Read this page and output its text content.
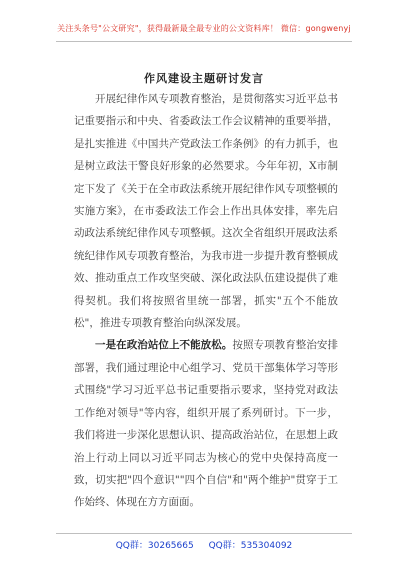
关注头条号"公文研究"，获得最新最全最专业的公文资料库！ 微信：gongwenyj
作风建设主题研讨发言

开展纪律作风专项教育整治，是贯彻落实习近平总书记重要指示和中央、省委政法工作会议精神的重要举措，是扎实推进《中国共产党政法工作条例》的有力抓手，也是树立政法干警良好形象的必然要求。今年年初，X市制定下发了《关于在全市政法系统开展纪律作风专项整顿的实施方案》，在市委政法工作会上作出具体安排，率先启动政法系统纪律作风专项整顿。这次全省组织开展政法系统纪律作风专项教育整治，为我市进一步提升教育整顿成效、推动重点工作攻坚突破、深化政法队伍建设提供了难得契机。我们将按照省里统一部署，抓实"五个不能放松"，推进专项教育整治向纵深发展。

一是在政治站位上不能放松。按照专项教育整治安排部署，我们通过理论中心组学习、党员干部集体学习等形式围绕"学习习近平总书记重要指示要求，坚持党对政法工作绝对领导"等内容，组织开展了系列研讨。下一步，我们将进一步深化思想认识、提高政治站位，在思想上政治上行动上同以习近平同志为核心的党中央保持高度一致，切实把"四个意识""四个自信"和"两个维护"贯穿于工作始终、体现在方方面面。

QQ群：30265665 QQ群：535304092
